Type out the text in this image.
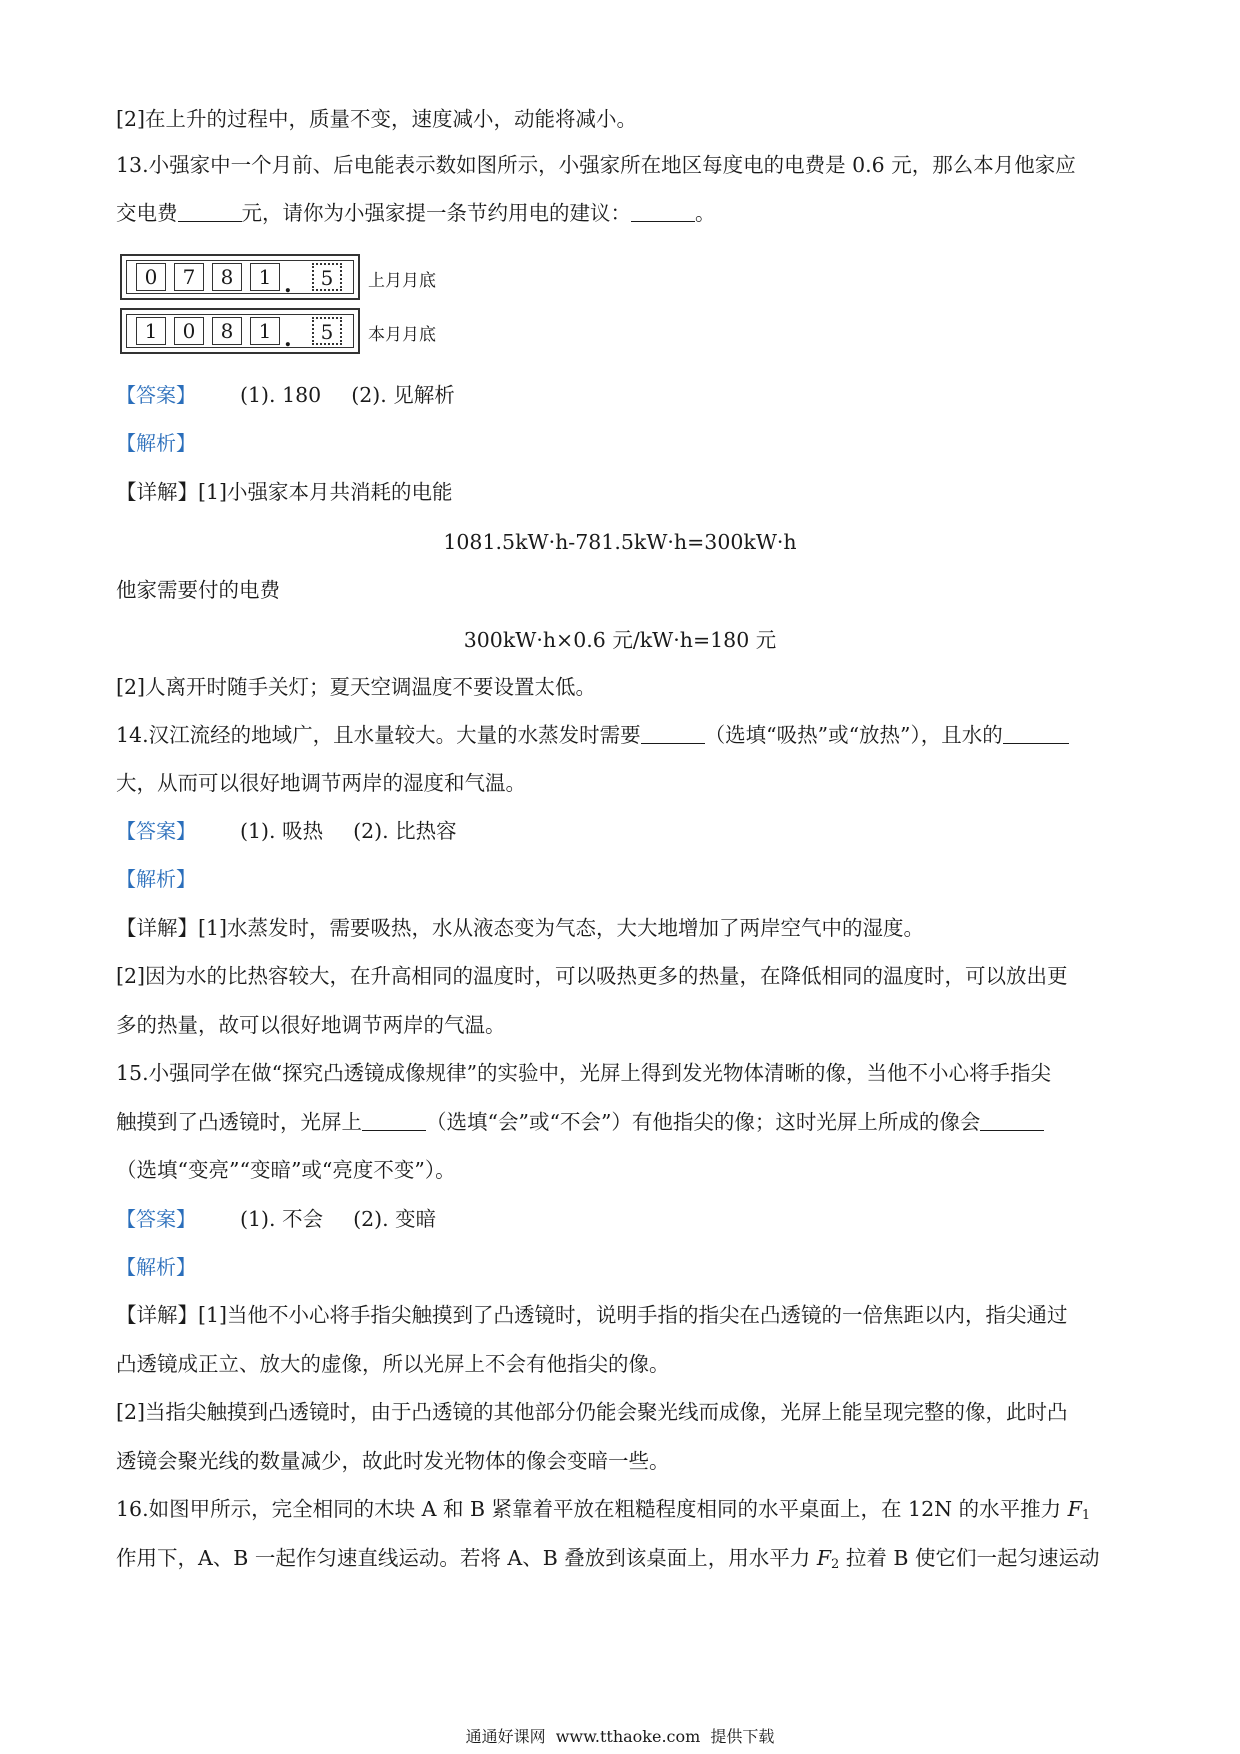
[2]在上升的过程中，质量不变，速度减小，动能将减小。
13.小强家中一个月前、后电能表示数如图所示，小强家所在地区每度电的电费是 0.6 元，那么本月他家应
交电费	元，请你为小强家提一条节约用电的建议：	。
0	7	8	1 .	5	上月月底
1	0	8	1 .	5	本月月底
【答案】 (1). 180 (2). 见解析
【解析】
【详解】[1]小强家本月共消耗的电能
1081.5kW·h-781.5kW·h=300kW·h
他家需要付的电费
300kW·h×0.6 元/kW·h=180 元
[2]人离开时随手关灯；夏天空调温度不要设置太低。
14.汉江流经的地域广，且水量较大。大量的水蒸发时需要	（选填“吸热”或“放热”），且水的
大，从而可以很好地调节两岸的湿度和气温。
【答案】 (1). 吸热 (2). 比热容
【解析】
【详解】[1]水蒸发时，需要吸热，水从液态变为气态，大大地增加了两岸空气中的湿度。
[2]因为水的比热容较大，在升高相同的温度时，可以吸热更多的热量，在降低相同的温度时，可以放出更
多的热量，故可以很好地调节两岸的气温。
15.小强同学在做“探究凸透镜成像规律”的实验中，光屏上得到发光物体清晰的像，当他不小心将手指尖
触摸到了凸透镜时，光屏上	（选填“会”或“不会”）有他指尖的像；这时光屏上所成的像会
（选填“变亮”“变暗”或“亮度不变”）。
【答案】 (1). 不会 (2). 变暗
【解析】
【详解】[1]当他不小心将手指尖触摸到了凸透镜时，说明手指的指尖在凸透镜的一倍焦距以内，指尖通过
凸透镜成正立、放大的虚像，所以光屏上不会有他指尖的像。
[2]当指尖触摸到凸透镜时，由于凸透镜的其他部分仍能会聚光线而成像，光屏上能呈现完整的像，此时凸
透镜会聚光线的数量减少，故此时发光物体的像会变暗一些。
16.如图甲所示，完全相同的木块 A 和 B 紧靠着平放在粗糙程度相同的水平桌面上，在 12N 的水平推力 $F_1$
作用下，A、B 一起作匀速直线运动。若将 A、B 叠放到该桌面上，用水平力 $F_2$ 拉着 B 使它们一起匀速运动
通通好课网 www.tthaoke.com 提供下载
